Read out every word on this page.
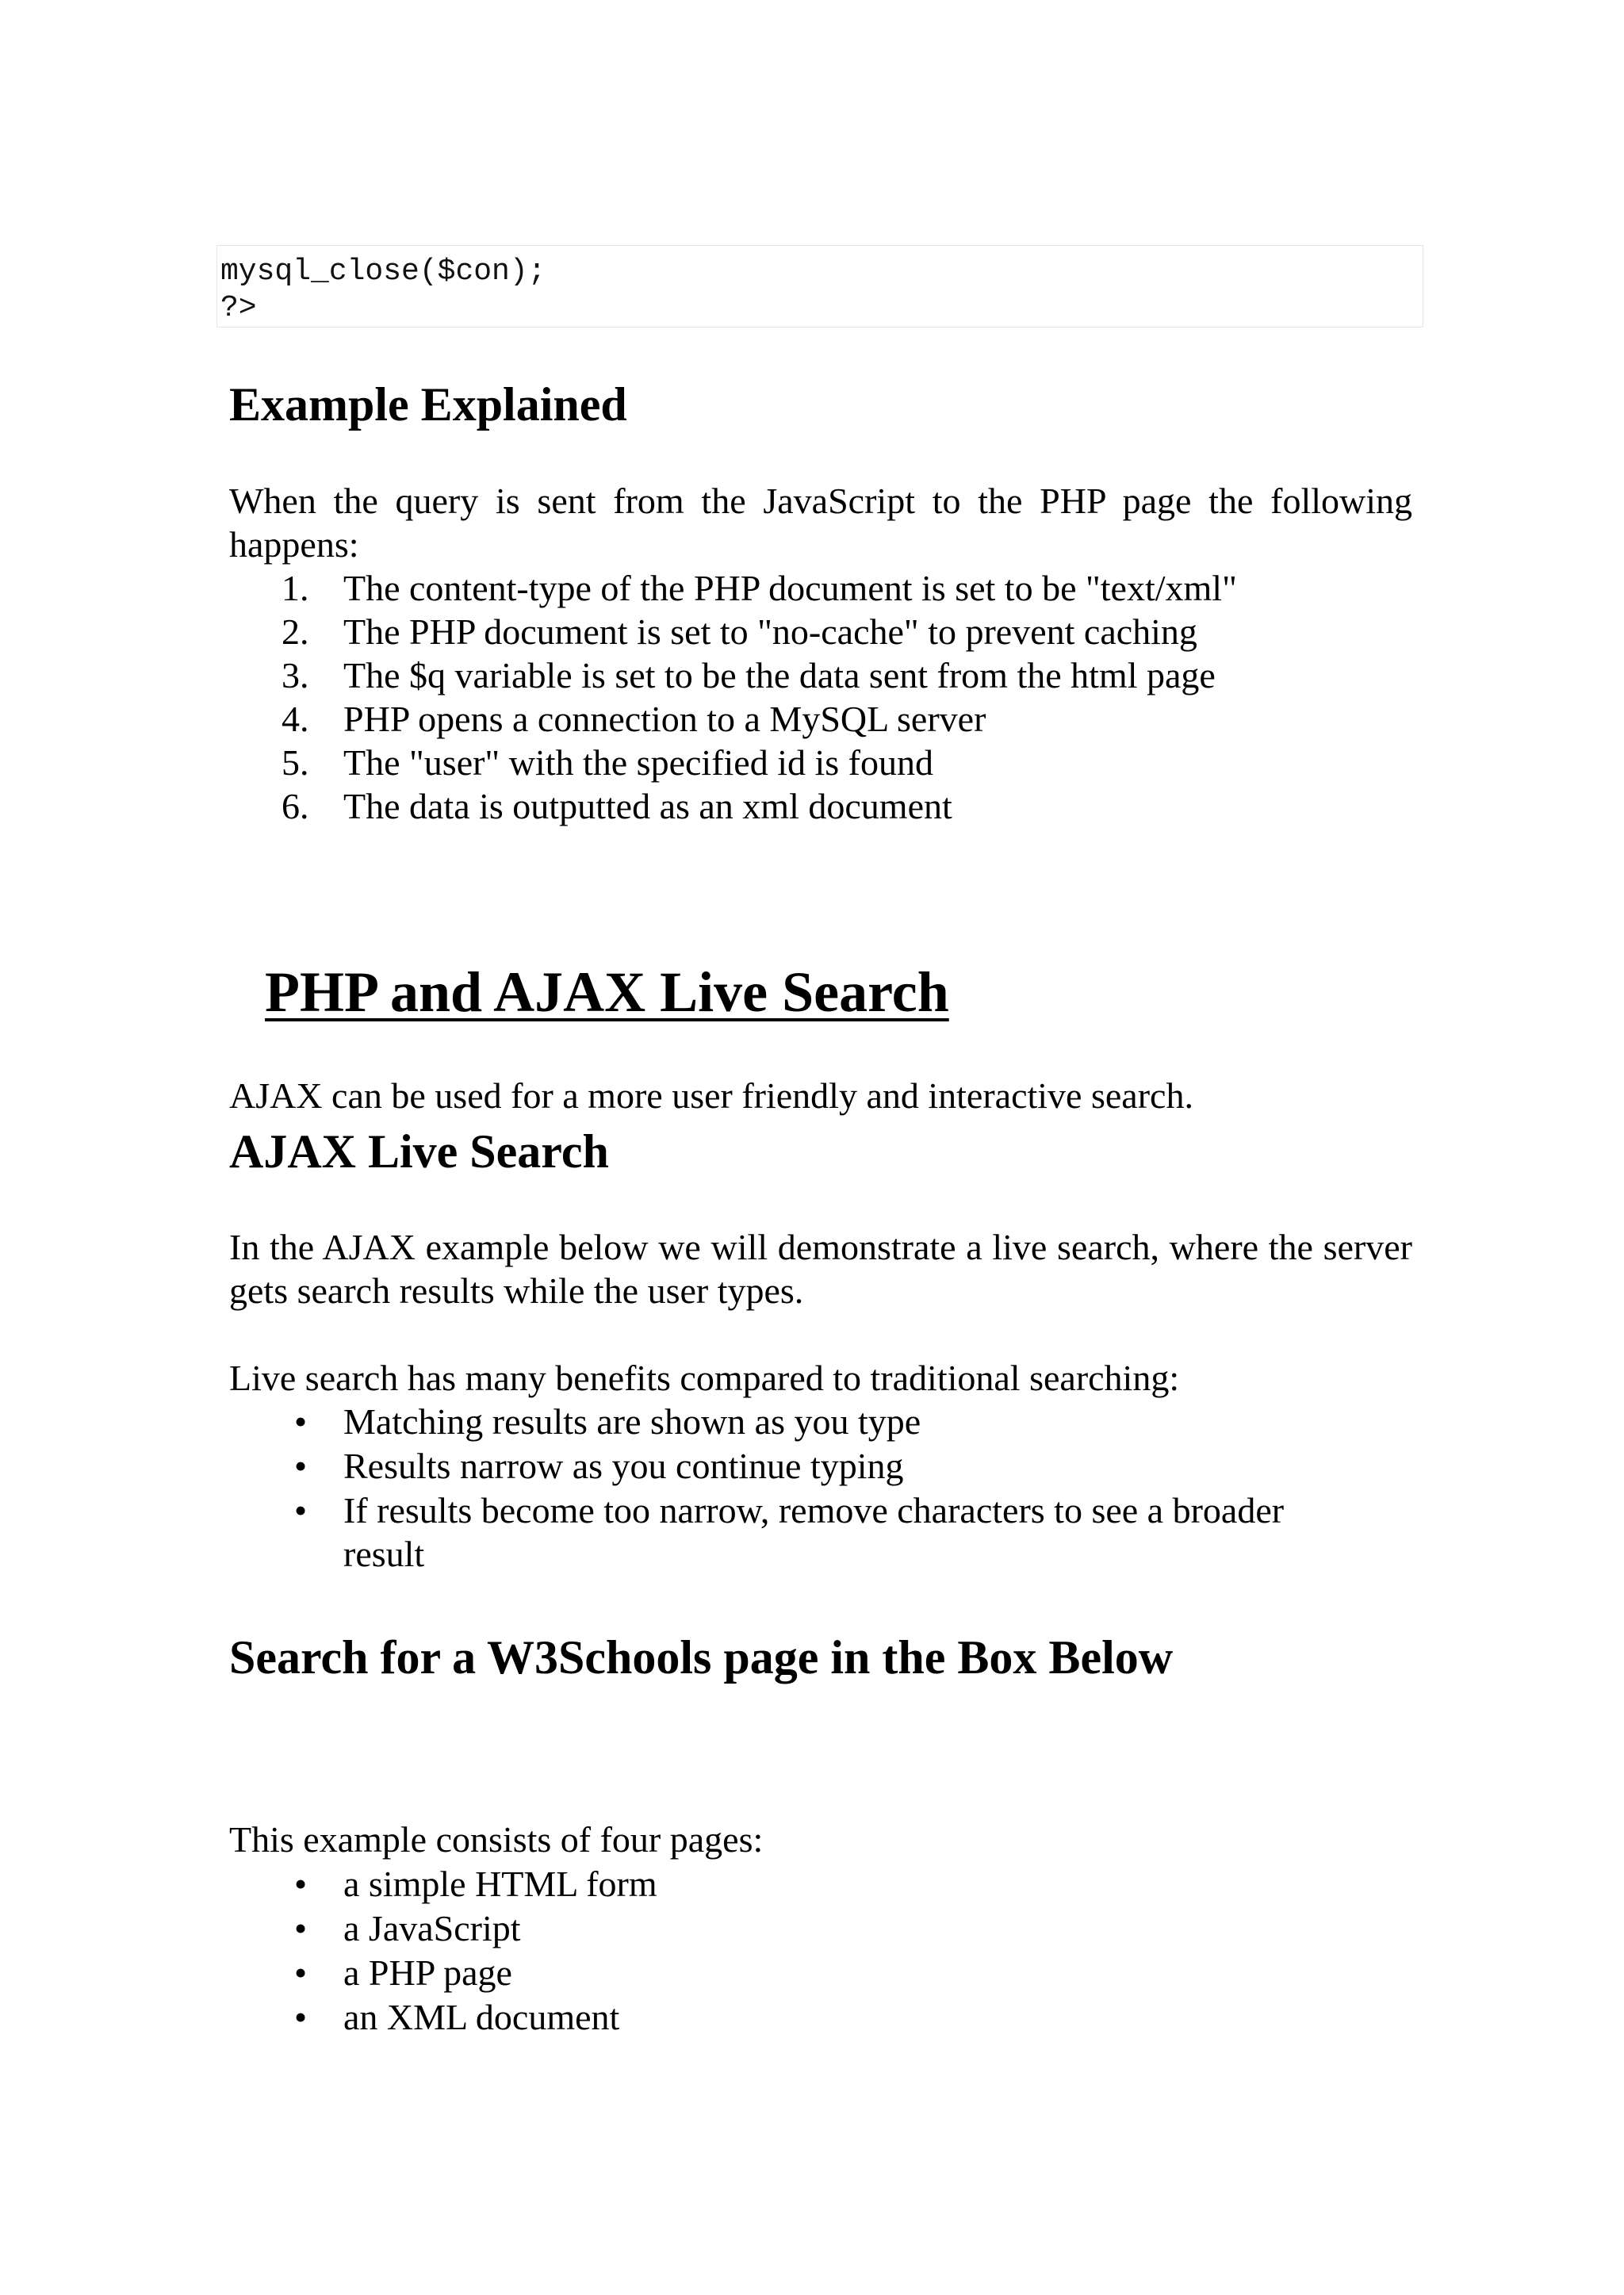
mysql_close($con);
?>
Example Explained

When the query is sent from the JavaScript to the PHP page the following happens:

1. The content-type of the PHP document is set to be "text/xml"
2. The PHP document is set to "no-cache" to prevent caching
3. The $q variable is set to be the data sent from the html page
4. PHP opens a connection to a MySQL server
5. The "user" with the specified id is found
6. The data is outputted as an xml document
PHP and AJAX Live Search

AJAX can be used for a more user friendly and interactive search.

AJAX Live Search

In the AJAX example below we will demonstrate a live search, where the server gets search results while the user types.

Live search has many benefits compared to traditional searching:

• Matching results are shown as you type
• Results narrow as you continue typing
• If results become too narrow, remove characters to see a broader result
Search for a W3Schools page in the Box Below

This example consists of four pages:

• a simple HTML form
• a JavaScript
• a PHP page
• an XML document
